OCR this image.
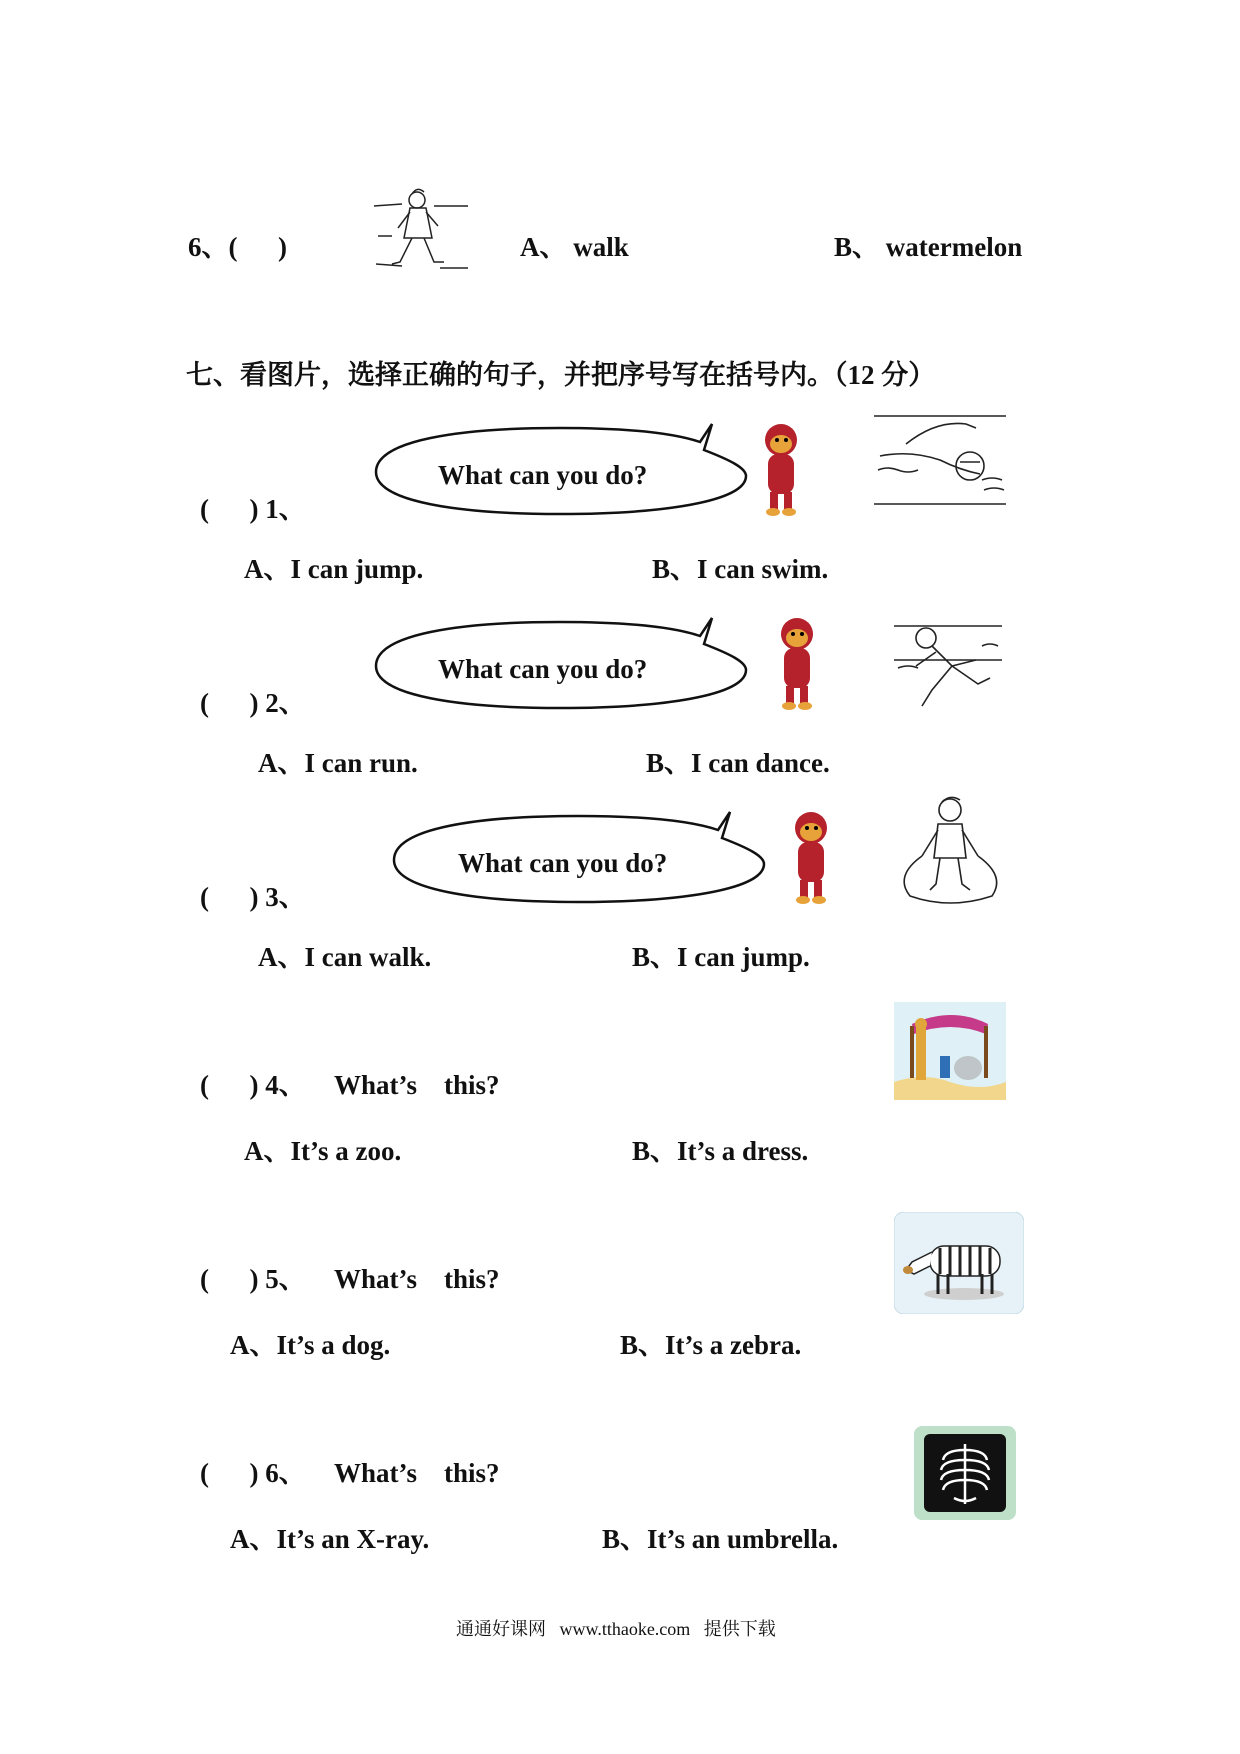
6、(      )	A、 walk	B、 watermelon
七、看图片，选择正确的句子，并把序号写在括号内。（12 分）
What can you do?
(      ) 1、
A、I can jump.	B、I can swim.
What can you do?
(      ) 2、
A、I can run.	B、I can dance.
What can you do?
(      ) 3、
A、I can walk.	B、I can jump.
(      ) 4、 What’s    this?
A、It’s a zoo.	B、It’s a dress.
(      ) 5、 What’s    this?
A、It’s a dog.	B、It’s a zebra.
(      ) 6、 What’s    this?
A、It’s an X-ray.	B、It’s an umbrella.
通通好课网   www.tthaoke.com   提供下载
